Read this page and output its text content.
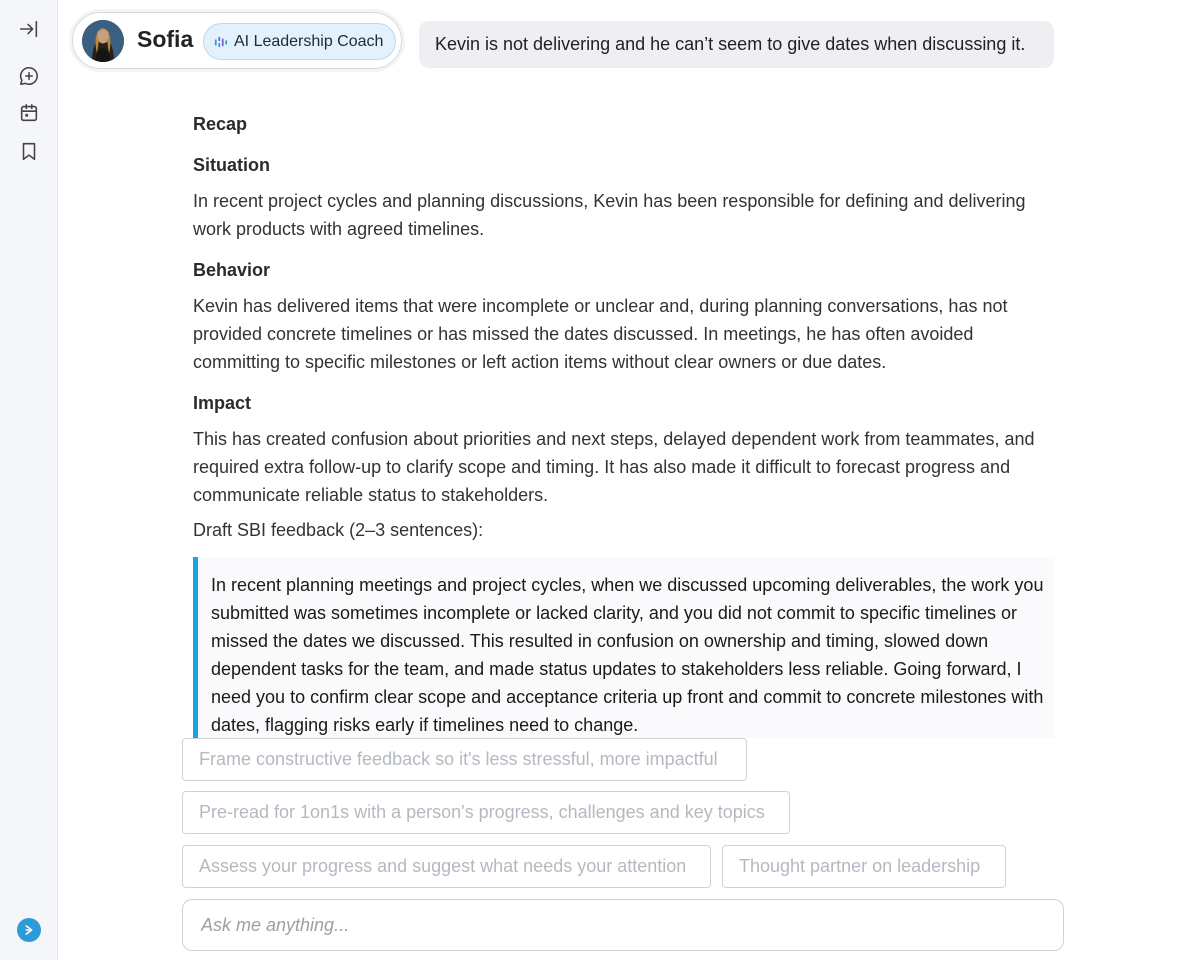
Sofia	AI Leadership Coach	Kevin is not delivering and he can’t seem to give dates when discussing it.
Recap
Situation
In recent project cycles and planning discussions, Kevin has been responsible for defining and delivering work products with agreed timelines.
Behavior
Kevin has delivered items that were incomplete or unclear and, during planning conversations, has not provided concrete timelines or has missed the dates discussed. In meetings, he has often avoided committing to specific milestones or left action items without clear owners or due dates.
Impact
This has created confusion about priorities and next steps, delayed dependent work from teammates, and required extra follow-up to clarify scope and timing. It has also made it difficult to forecast progress and communicate reliable status to stakeholders.
Draft SBI feedback (2–3 sentences):
In recent planning meetings and project cycles, when we discussed upcoming deliverables, the work you submitted was sometimes incomplete or lacked clarity, and you did not commit to specific timelines or missed the dates we discussed. This resulted in confusion on ownership and timing, slowed down dependent tasks for the team, and made status updates to stakeholders less reliable. Going forward, I need you to confirm clear scope and acceptance criteria up front and commit to concrete milestones with dates, flagging risks early if timelines need to change.
Frame constructive feedback so it's less stressful, more impactful
Pre-read for 1on1s with a person's progress, challenges and key topics
Assess your progress and suggest what needs your attention	Thought partner on leadership
Ask me anything...
